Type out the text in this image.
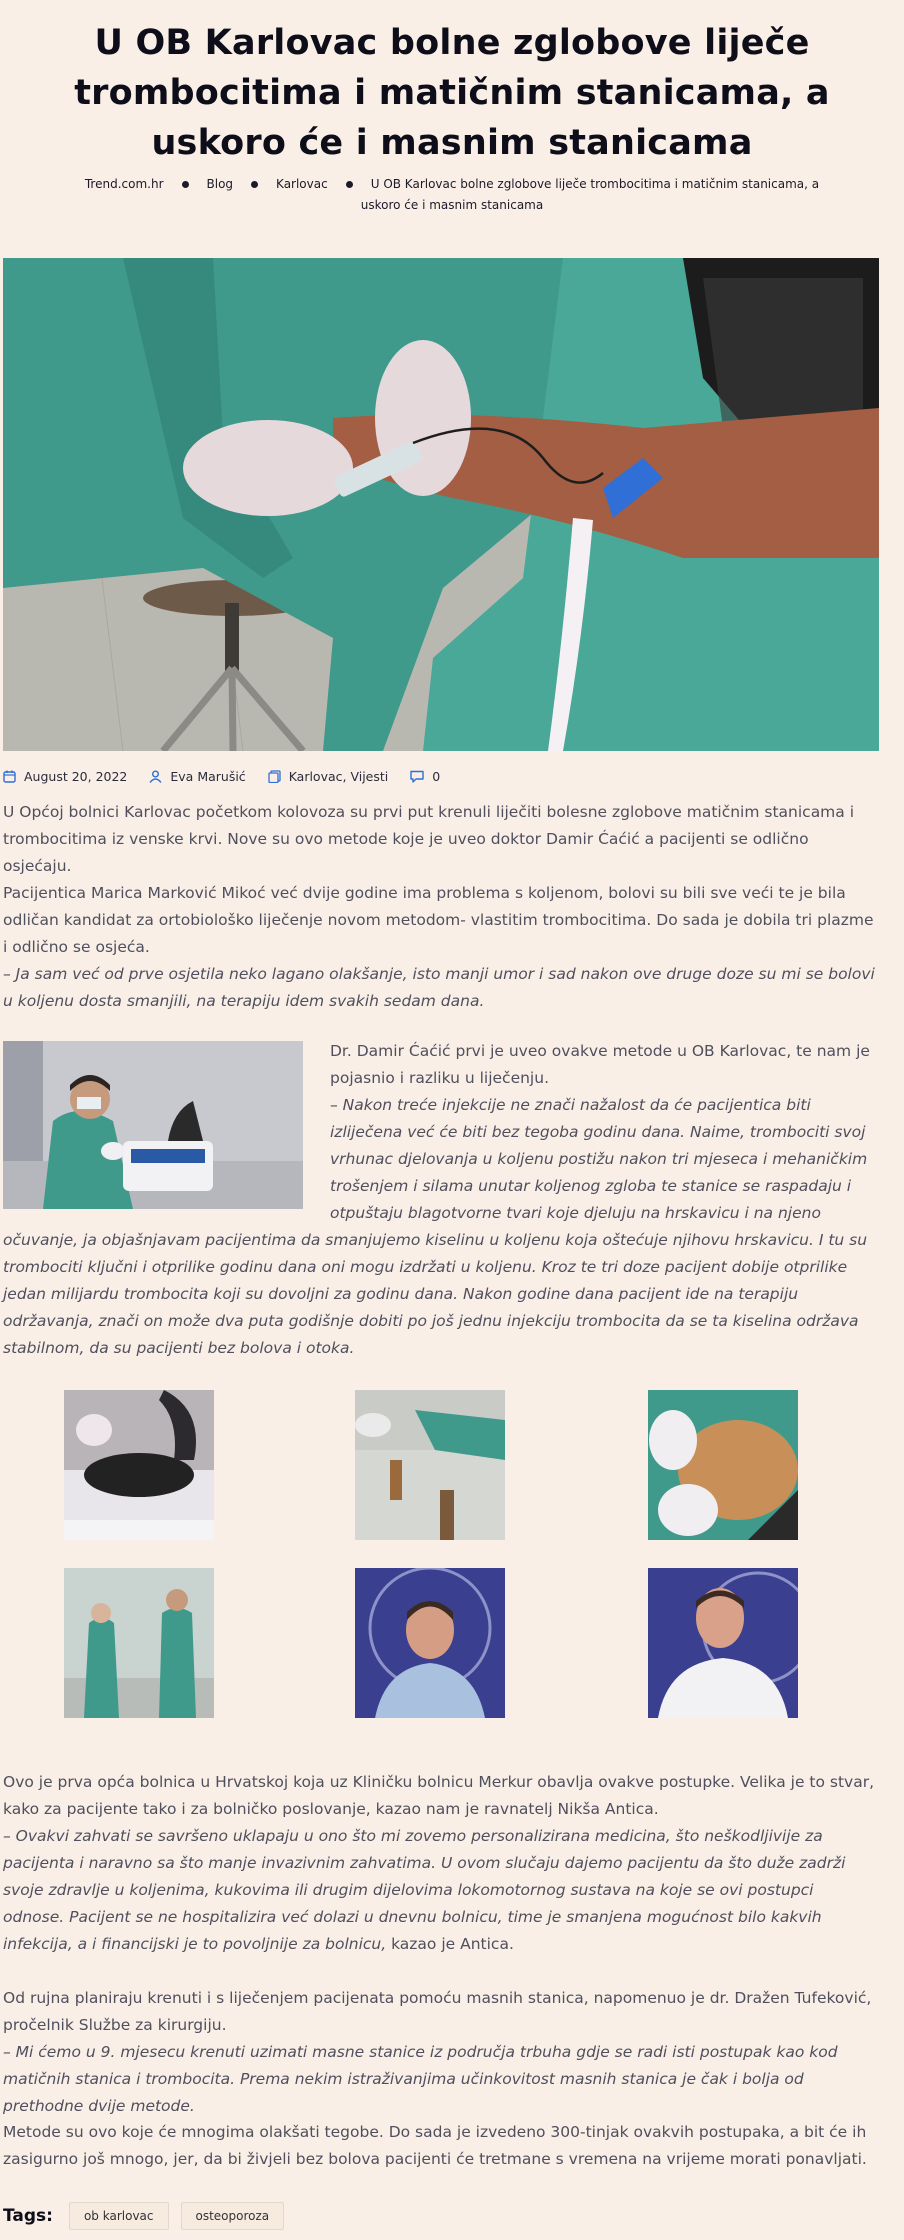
U OB Karlovac bolne zglobove liječe trombocitima i matičnim stanicama, a uskoro će i masnim stanicama
Trend.com.hr	Blog	Karlovac	U OB Karlovac bolne zglobove liječe trombocitima i matičnim stanicama, a uskoro će i masnim stanicama
August 20, 2022	Eva Marušić	Karlovac, Vijesti	0

U Općoj bolnici Karlovac početkom kolovoza su prvi put krenuli liječiti bolesne zglobove matičnim stanicama i trombocitima iz venske krvi. Nove su ovo metode koje je uveo doktor Damir Ćaćić a pacijenti se odlično osjećaju.

Pacijentica Marica Marković Mikoć već dvije godine ima problema s koljenom, bolovi su bili sve veći te je bila odličan kandidat za ortobiološko liječenje novom metodom- vlastitim trombocitima. Do sada je dobila tri plazme i odlično se osjeća.
– Ja sam već od prve osjetila neko lagano olakšanje, isto manji umor i sad nakon ove druge doze su mi se bolovi u koljenu dosta smanjili, na terapiju idem svakih sedam dana.

Dr. Damir Ćaćić prvi je uveo ovakve metode u OB Karlovac, te nam je pojasnio i razliku u liječenju.

– Nakon treće injekcije ne znači nažalost da će pacijentica biti izliječena već će biti bez tegoba godinu dana. Naime, trombociti svoj vrhunac djelovanja u koljenu postižu nakon tri mjeseca i mehaničkim trošenjem i silama unutar koljenog zgloba te stanice se raspadaju i otpuštaju blagotvorne tvari koje djeluju na hrskavicu i na njeno očuvanje, ja objašnjavam pacijentima da smanjujemo kiselinu u koljenu koja oštećuje njihovu hrskavicu. I tu su trombociti ključni i otprilike godinu dana oni mogu izdržati u koljenu. Kroz te tri doze pacijent dobije otprilike jedan milijardu trombocita koji su dovoljni za godinu dana. Nakon godine dana pacijent ide na terapiju održavanja, znači on može dva puta godišnje dobiti po još jednu injekciju trombocita da se ta kiselina održava stabilnom, da su pacijenti bez bolova i otoka.

Ovo je prva opća bolnica u Hrvatskoj koja uz Kliničku bolnicu Merkur obavlja ovakve postupke. Velika je to stvar, kako za pacijente tako i za bolničko poslovanje, kazao nam je ravnatelj Nikša Antica.
– Ovakvi zahvati se savršeno uklapaju u ono što mi zovemo personalizirana medicina, što neškodljivije za pacijenta i naravno sa što manje invazivnim zahvatima. U ovom slučaju dajemo pacijentu da što duže zadrži svoje zdravlje u koljenima, kukovima ili drugim dijelovima lokomotornog sustava na koje se ovi postupci odnose. Pacijent se ne hospitalizira već dolazi u dnevnu bolnicu, time je smanjena mogućnost bilo kakvih infekcija, a i financijski je to povoljnije za bolnicu, kazao je Antica.
Od rujna planiraju krenuti i s liječenjem pacijenata pomoću masnih stanica, napomenuo je dr. Dražen Tufeković, pročelnik Službe za kirurgiju.
– Mi ćemo u 9. mjesecu krenuti uzimati masne stanice iz područja trbuha gdje se radi isti postupak kao kod matičnih stanica i trombocita. Prema nekim istraživanjima učinkovitost masnih stanica je čak i bolja od prethodne dvije metode.

Metode su ovo koje će mnogima olakšati tegobe. Do sada je izvedeno 300-tinjak ovakvih postupaka, a bit će ih zasigurno još mnogo, jer, da bi živjeli bez bolova pacijenti će tretmane s vremena na vrijeme morati ponavljati.

Tags:	ob karlovac	osteoporoza
